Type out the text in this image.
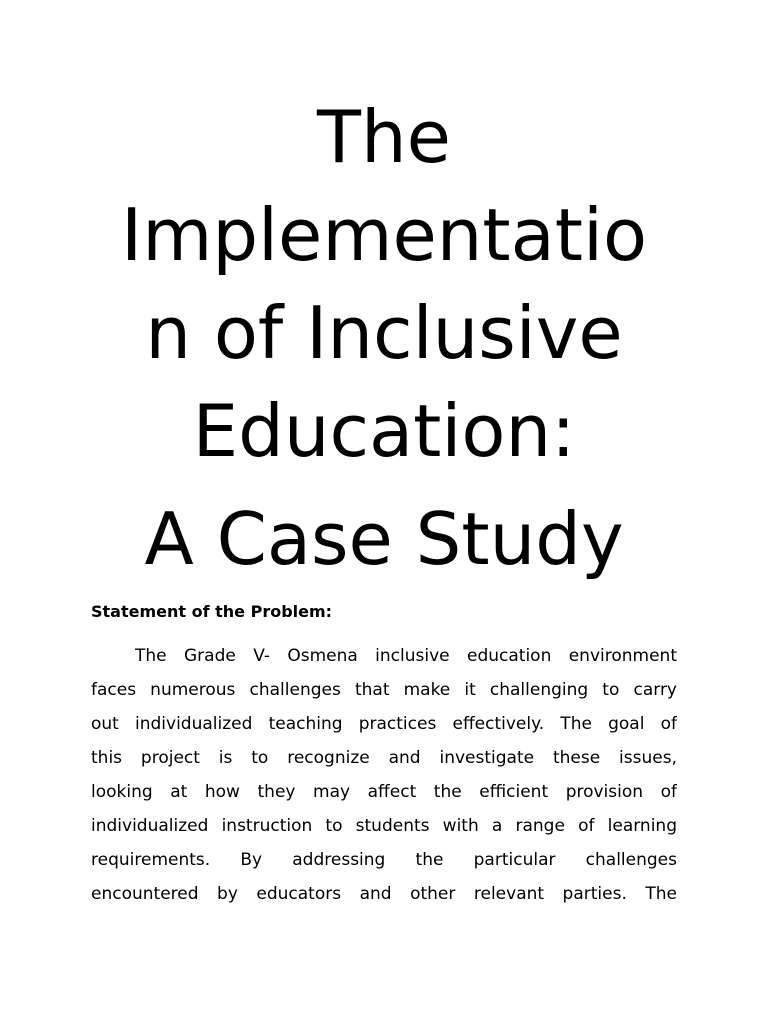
The
Implementatio
n of Inclusive
Education:
A Case Study
Statement of the Problem:
The Grade V- Osmena inclusive education environment
faces numerous challenges that make it challenging to carry
out individualized teaching practices effectively. The goal of
this project is to recognize and investigate these issues,
looking at how they may affect the efficient provision of
individualized instruction to students with a range of learning
requirements. By addressing the particular challenges
encountered by educators and other relevant parties. The
